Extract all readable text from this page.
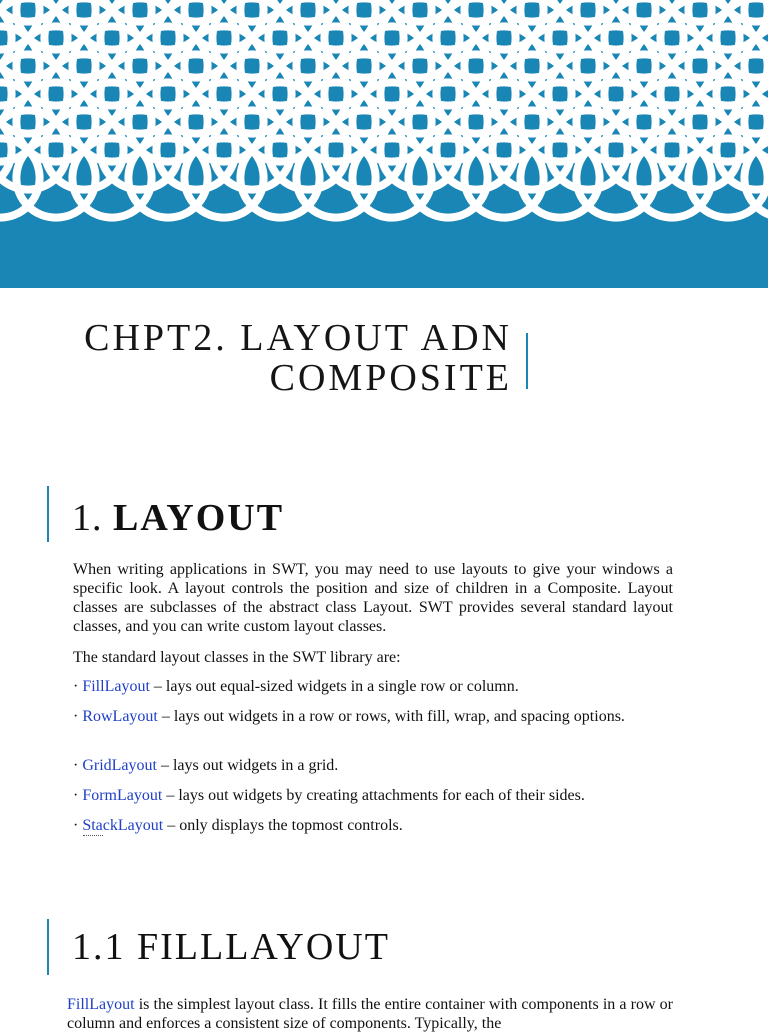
CHPT2. LAYOUT ADN
COMPOSITE
1. LAYOUT
When writing applications in SWT, you may need to use layouts to give your windows a specific look. A layout controls the position and size of children in a Composite. Layout classes are subclasses of the abstract class Layout. SWT provides several standard layout classes, and you can write custom layout classes.
The standard layout classes in the SWT library are:
· FillLayout – lays out equal-sized widgets in a single row or column.
· RowLayout – lays out widgets in a row or rows, with fill, wrap, and spacing options.
· GridLayout – lays out widgets in a grid.
· FormLayout – lays out widgets by creating attachments for each of their sides.
· StackLayout – only displays the topmost controls.
1.1 FILLLAYOUT
FillLayout is the simplest layout class. It fills the entire container with components in a row or column and enforces a consistent size of components. Typically, the
